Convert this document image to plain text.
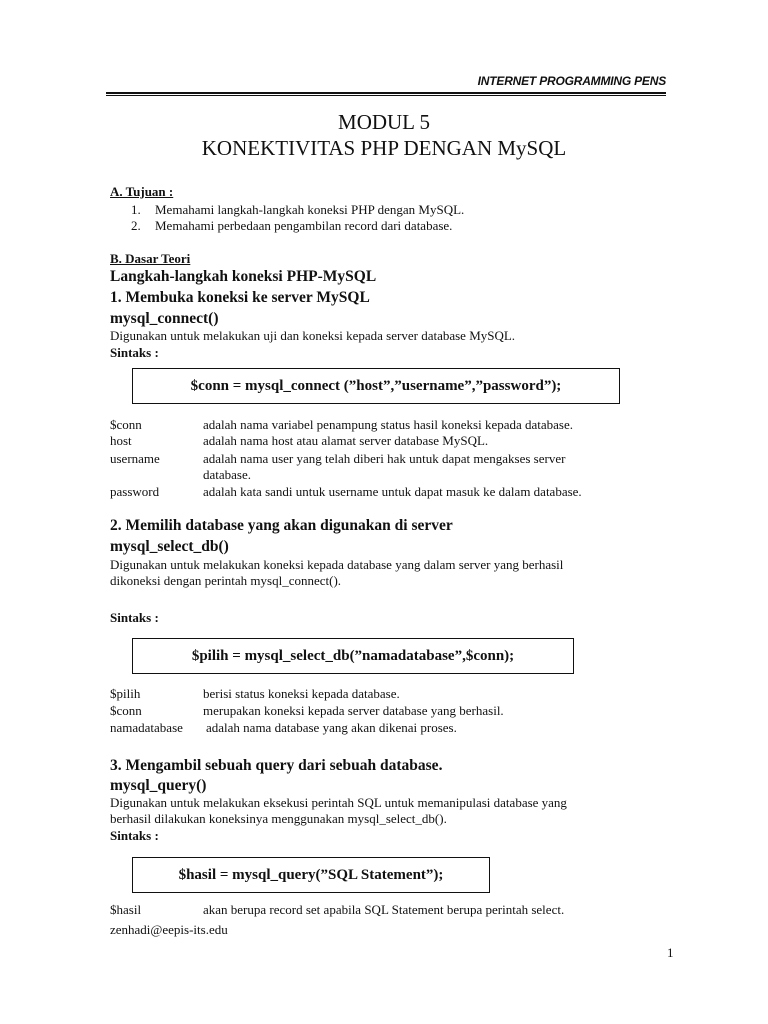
INTERNET PROGRAMMING PENS
MODUL 5
KONEKTIVITAS PHP DENGAN MySQL
A. Tujuan :
1. Memahami langkah-langkah koneksi PHP dengan MySQL.
2. Memahami perbedaan pengambilan record dari database.
B. Dasar Teori
Langkah-langkah koneksi PHP-MySQL
1. Membuka koneksi ke server MySQL
mysql_connect()
Digunakan untuk melakukan uji dan koneksi kepada server database MySQL.
Sintaks :
$conn = mysql_connect (”host”,”username”,”password”);
$conn	adalah nama variabel penampung status hasil koneksi kepada database.
host	adalah nama host atau alamat server database MySQL.
username	adalah nama user yang telah diberi hak untuk dapat mengakses server
database.
password	adalah kata sandi untuk username untuk dapat masuk ke dalam database.
2. Memilih database yang akan digunakan di server
mysql_select_db()
Digunakan untuk melakukan koneksi kepada database yang dalam server yang berhasil
dikoneksi dengan perintah mysql_connect().
Sintaks :
$pilih = mysql_select_db(”namadatabase”,$conn);
$pilih	berisi status koneksi kepada database.
$conn	merupakan koneksi kepada server database yang berhasil.
namadatabase adalah nama database yang akan dikenai proses.
3. Mengambil sebuah query dari sebuah database.
mysql_query()
Digunakan untuk melakukan eksekusi perintah SQL untuk memanipulasi database yang
berhasil dilakukan koneksinya menggunakan mysql_select_db().
Sintaks :
$hasil = mysql_query(”SQL Statement”);
$hasil	akan berupa record set apabila SQL Statement berupa perintah select.
zenhadi@eepis-its.edu
1
